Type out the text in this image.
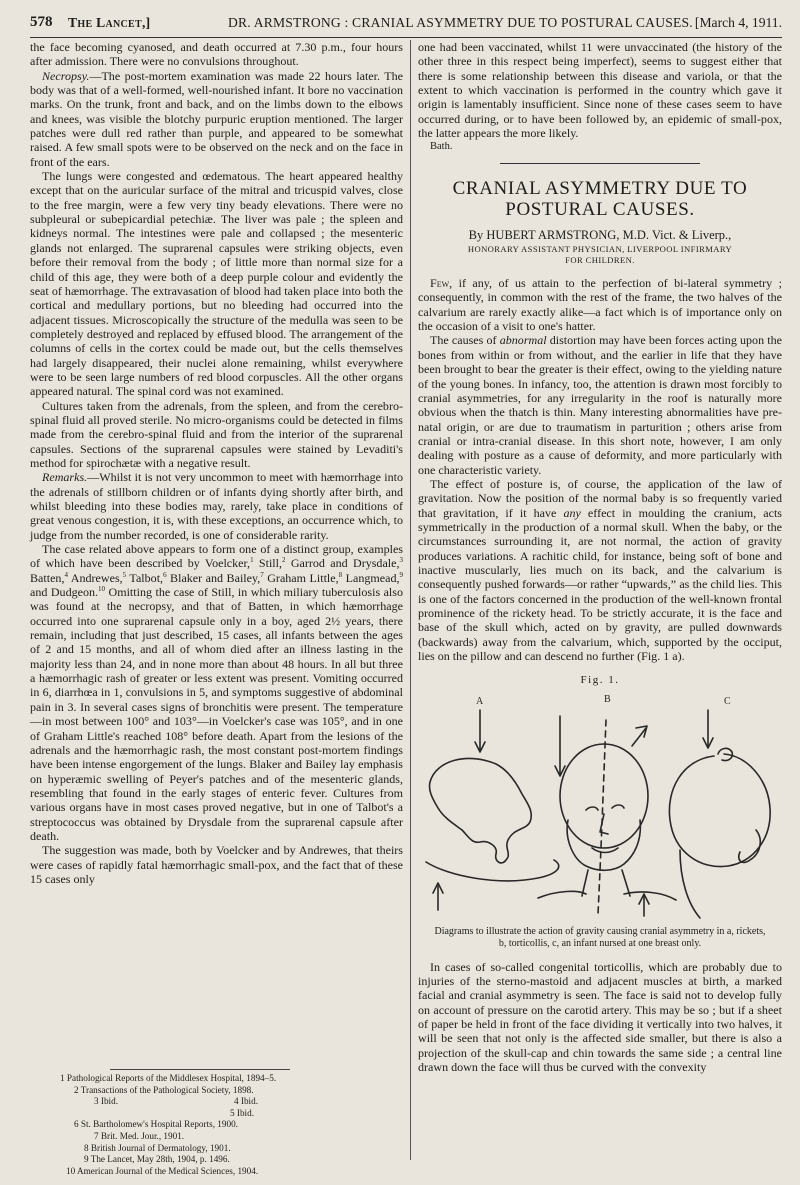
578 The Lancet,]	DR. ARMSTRONG : CRANIAL ASYMMETRY DUE TO POSTURAL CAUSES. [March 4, 1911.

the face becoming cyanosed, and death occurred at 7.30 p.m., four hours after admission. There were no convulsions throughout.

Necropsy.—The post-mortem examination was made 22 hours later. The body was that of a well-formed, well-nourished infant. It bore no vaccination marks. On the trunk, front and back, and on the limbs down to the elbows and knees, was visible the blotchy purpuric eruption mentioned. The larger patches were dull red rather than purple, and appeared to be somewhat raised. A few small spots were to be observed on the neck and on the face in front of the ears.

The lungs were congested and œdematous. The heart appeared healthy except that on the auricular surface of the mitral and tricuspid valves, close to the free margin, were a few very tiny beady elevations. There were no subpleural or subepicardial petechiæ. The liver was pale ; the spleen and kidneys normal. The intestines were pale and collapsed ; the mesenteric glands not enlarged. The suprarenal capsules were striking objects, even before their removal from the body ; of little more than normal size for a child of this age, they were both of a deep purple colour and evidently the seat of hæmorrhage. The extravasation of blood had taken place into both the cortical and medullary portions, but no bleeding had occurred into the adjacent tissues. Microscopically the structure of the medulla was seen to be completely destroyed and replaced by effused blood. The arrangement of the columns of cells in the cortex could be made out, but the cells themselves had largely disappeared, their nuclei alone remaining, whilst everywhere were to be seen large numbers of red blood corpuscles. All the other organs appeared natural. The spinal cord was not examined.

Cultures taken from the adrenals, from the spleen, and from the cerebro-spinal fluid all proved sterile. No micro-organisms could be detected in films made from the cerebro-spinal fluid and from the interior of the suprarenal capsules. Sections of the suprarenal capsules were stained by Levaditi's method for spirochætæ with a negative result.

Remarks.—Whilst it is not very uncommon to meet with hæmorrhage into the adrenals of stillborn children or of infants dying shortly after birth, and whilst bleeding into these bodies may, rarely, take place in conditions of great venous congestion, it is, with these exceptions, an occurrence which, to judge from the number recorded, is one of considerable rarity.

The case related above appears to form one of a distinct group, examples of which have been described by Voelcker,$^1$ Still,$^2$ Garrod and Drysdale,$^3$ Batten,$^4$ Andrewes,$^5$ Talbot,$^6$ Blaker and Bailey,$^7$ Graham Little,$^8$ Langmead,$^9$ and Dudgeon.$^{10}$ Omitting the case of Still, in which miliary tuberculosis also was found at the necropsy, and that of Batten, in which hæmorrhage occurred into one suprarenal capsule only in a boy, aged 2½ years, there remain, including that just described, 15 cases, all infants between the ages of 2 and 15 months, and all of whom died after an illness lasting in the majority less than 24, and in none more than about 48 hours. In all but three a hæmorrhagic rash of greater or less extent was present. Vomiting occurred in 6, diarrhœa in 1, convulsions in 5, and symptoms suggestive of abdominal pain in 3. In several cases signs of bronchitis were present. The temperature—in most between 100° and 103°—in Voelcker's case was 105°, and in one of Graham Little's reached 108° before death. Apart from the lesions of the adrenals and the hæmorrhagic rash, the most constant post-mortem findings have been intense engorgement of the lungs. Blaker and Bailey lay emphasis on hyperæmic swelling of Peyer's patches and of the mesenteric glands, resembling that found in the early stages of enteric fever. Cultures from various organs have in most cases proved negative, but in one of Talbot's a streptococcus was obtained by Drysdale from the suprarenal capsule after death.

The suggestion was made, both by Voelcker and by Andrewes, that theirs were cases of rapidly fatal hæmorrhagic small-pox, and the fact that of these 15 cases only

1 Pathological Reports of the Middlesex Hospital, 1894–5.
2 Transactions of the Pathological Society, 1898.
3 Ibid.	4 Ibid.
5 Ibid.
6 St. Bartholomew's Hospital Reports, 1900.
7 Brit. Med. Jour., 1901.
8 British Journal of Dermatology, 1901.
9 The Lancet, May 28th, 1904, p. 1496.
10 American Journal of the Medical Sciences, 1904.

one had been vaccinated, whilst 11 were unvaccinated (the history of the other three in this respect being imperfect), seems to suggest either that there is some relationship between this disease and variola, or that the extent to which vaccination is performed in the country which gave it origin is lamentably insufficient. Since none of these cases seem to have occurred during, or to have been followed by, an epidemic of small-pox, the latter appears the more likely.

Bath.

CRANIAL ASYMMETRY DUE TO POSTURAL CAUSES.
By HUBERT ARMSTRONG, M.D. Vict. & Liverp.,
HONORARY ASSISTANT PHYSICIAN, LIVERPOOL INFIRMARY
FOR CHILDREN.

Few, if any, of us attain to the perfection of bi-lateral symmetry ; consequently, in common with the rest of the frame, the two halves of the calvarium are rarely exactly alike—a fact which is of importance only on the occasion of a visit to one's hatter.

The causes of abnormal distortion may have been forces acting upon the bones from within or from without, and the earlier in life that they have been brought to bear the greater is their effect, owing to the yielding nature of the young bones. In infancy, too, the attention is drawn most forcibly to cranial asymmetries, for any irregularity in the roof is naturally more obvious when the thatch is thin. Many interesting abnormalities have pre-natal origin, or are due to traumatism in parturition ; others arise from cranial or intra-cranial disease. In this short note, however, I am only dealing with posture as a cause of deformity, and more particularly with one characteristic variety.

The effect of posture is, of course, the application of the law of gravitation. Now the position of the normal baby is so frequently varied that gravitation, if it have any effect in moulding the cranium, acts symmetrically in the production of a normal skull. When the baby, or the circumstances surrounding it, are not normal, the action of gravity produces variations. A rachitic child, for instance, being soft of bone and inactive muscularly, lies much on its back, and the calvarium is consequently pushed forwards—or rather “upwards,” as the child lies. This is one of the factors concerned in the production of the well-known frontal prominence of the rickety head. To be strictly accurate, it is the face and base of the skull which, acted on by gravity, are pulled downwards (backwards) away from the calvarium, which, supported by the occiput, lies on the pillow and can descend no further (Fig. 1 a).

Fig. 1.
A	B	C
Diagrams to illustrate the action of gravity causing cranial asymmetry in a, rickets, b, torticollis, c, an infant nursed at one breast only.

In cases of so-called congenital torticollis, which are probably due to injuries of the sterno-mastoid and adjacent muscles at birth, a marked facial and cranial asymmetry is seen. The face is said not to develop fully on account of pressure on the carotid artery. This may be so ; but if a sheet of paper be held in front of the face dividing it vertically into two halves, it will be seen that not only is the affected side smaller, but there is also a projection of the skull-cap and chin towards the same side ; a central line drawn down the face will thus be curved with the convexity
